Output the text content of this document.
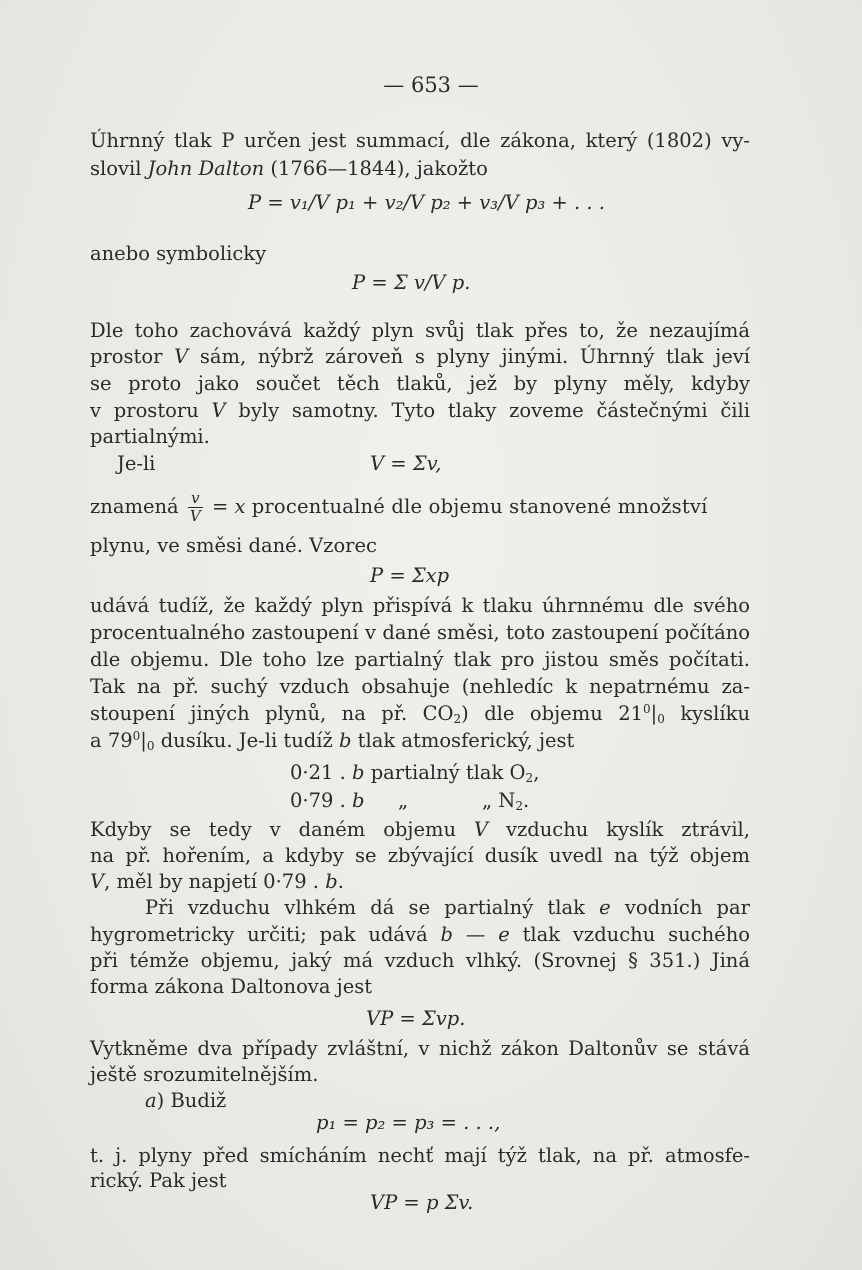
— 653 —
Úhrnný tlak P určen jest summací, dle zákona, který (1802) vy-
slovil John Dalton (1766—1844), jakožto
P = v₁/V p₁ + v₂/V p₂ + v₃/V p₃ + . . .
anebo symbolicky
P = Σ v/V p.
Dle toho zachovává každý plyn svůj tlak přes to, že nezaujímá
prostor V sám, nýbrž zároveň s plyny jinými. Úhrnný tlak jeví
se proto jako součet těch tlaků, jež by plyny měly, kdyby
v prostoru V byly samotny. Tyto tlaky zoveme částečnými čili
partialnými.
Je-li	V = Σv,
znamená $\frac{v}{V} = x$ procentualné dle objemu stanovené množství
plynu, ve směsi dané. Vzorec
P = Σxp
udává tudíž, že každý plyn přispívá k tlaku úhrnnému dle svého
procentualného zastoupení v dané směsi, toto zastoupení počítáno
dle objemu. Dle toho lze partialný tlak pro jistou směs počítati.
Tak na př. suchý vzduch obsahuje (nehledíc k nepatrnému za-
stoupení jiných plynů, na př. $CO_2$) dle objemu $21^0|_0$ kyslíku
a $79^0|_0$ dusíku. Je-li tudíž b tlak atmosferický, jest
0·21 . b partialný tlak $O_2$,
0·79 . b „	„ $N_2$.
Kdyby se tedy v daném objemu V vzduchu kyslík ztrávil,
na př. hořením, a kdyby se zbývající dusík uvedl na týž objem
V, měl by napjetí 0·79 . b.
Při vzduchu vlhkém dá se partialný tlak e vodních par
hygrometricky určiti; pak udává b — e tlak vzduchu suchého
při témže objemu, jaký má vzduch vlhký. (Srovnej § 351.) Jiná
forma zákona Daltonova jest
VP = Σvp.
Vytkněme dva případy zvláštní, v nichž zákon Daltonův se stává
ještě srozumitelnějším.
a) Budiž
p₁ = p₂ = p₃ = . . .,
t. j. plyny před smícháním nechť mají týž tlak, na př. atmosfe-
rický. Pak jest
VP = p Σv.
